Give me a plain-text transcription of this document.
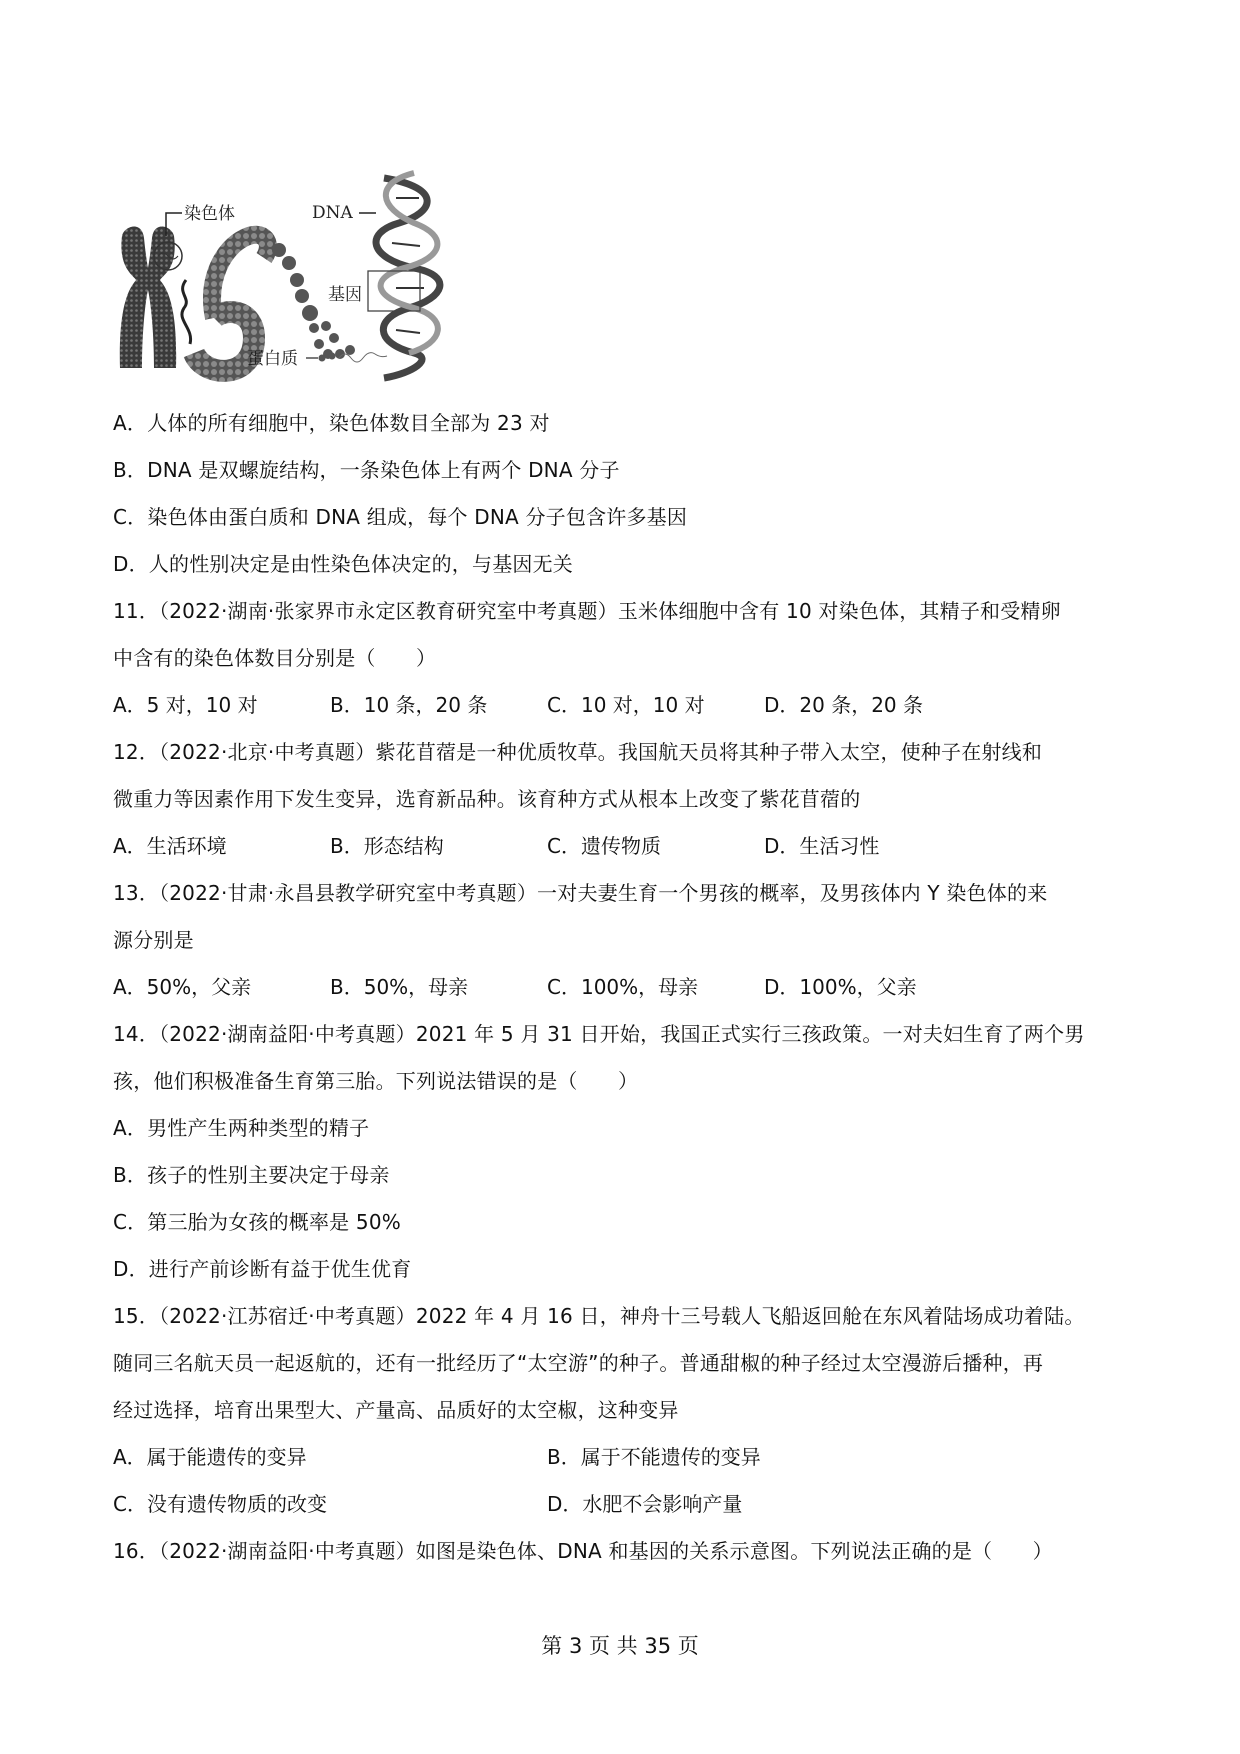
染色体
蛋白质
DNA
基因
A．人体的所有细胞中，染色体数目全部为 23 对
B．DNA 是双螺旋结构，一条染色体上有两个 DNA 分子
C．染色体由蛋白质和 DNA 组成，每个 DNA 分子包含许多基因
D．人的性别决定是由性染色体决定的，与基因无关
11．（2022·湖南·张家界市永定区教育研究室中考真题）玉米体细胞中含有 10 对染色体，其精子和受精卵
中含有的染色体数目分别是（　　）
A．5 对，10 对	B．10 条，20 条	C．10 对，10 对	D．20 条，20 条
12．（2022·北京·中考真题）紫花苜蓿是一种优质牧草。我国航天员将其种子带入太空，使种子在射线和
微重力等因素作用下发生变异，选育新品种。该育种方式从根本上改变了紫花苜蓿的
A．生活环境	B．形态结构	C．遗传物质	D．生活习性
13．（2022·甘肃·永昌县教学研究室中考真题）一对夫妻生育一个男孩的概率，及男孩体内 Y 染色体的来
源分别是
A．50%，父亲	B．50%，母亲	C．100%，母亲	D．100%，父亲
14．（2022·湖南益阳·中考真题）2021 年 5 月 31 日开始，我国正式实行三孩政策。一对夫妇生育了两个男
孩，他们积极准备生育第三胎。下列说法错误的是（　　）
A．男性产生两种类型的精子
B．孩子的性别主要决定于母亲
C．第三胎为女孩的概率是 50%
D．进行产前诊断有益于优生优育
15．（2022·江苏宿迁·中考真题）2022 年 4 月 16 日，神舟十三号载人飞船返回舱在东风着陆场成功着陆。
随同三名航天员一起返航的，还有一批经历了“太空游”的种子。普通甜椒的种子经过太空漫游后播种，再
经过选择，培育出果型大、产量高、品质好的太空椒，这种变异
A．属于能遗传的变异	B．属于不能遗传的变异
C．没有遗传物质的改变	D．水肥不会影响产量
16．（2022·湖南益阳·中考真题）如图是染色体、DNA 和基因的关系示意图。下列说法正确的是（　　）
第 3 页 共 35 页
